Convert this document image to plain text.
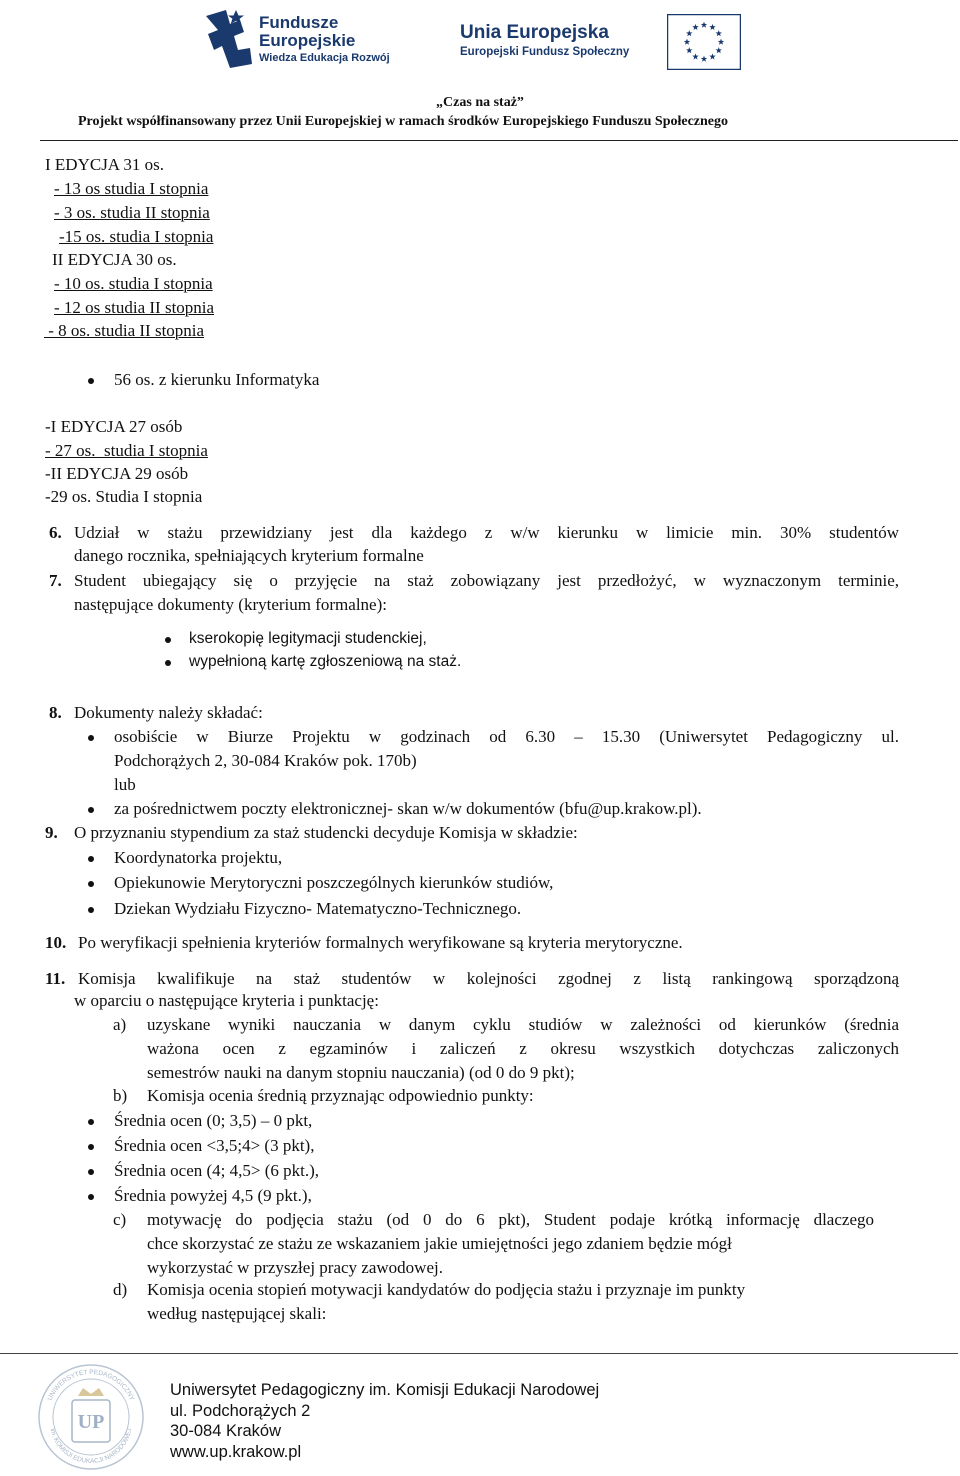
Fundusze
Europejskie
Wiedza Edukacja Rozwój
Unia Europejska
Europejski Fundusz Społeczny
„Czas na staż”
Projekt współfinansowany przez Unii Europejskiej w ramach środków Europejskiego Funduszu Społecznego
I EDYCJA 31 os.
- 13 os studia I stopnia
- 3 os. studia II stopnia
-15 os. studia I stopnia
II EDYCJA 30 os.
- 10 os. studia I stopnia
- 12 os studia II stopnia
- 8 os. studia II stopnia
56 os. z kierunku Informatyka
-I EDYCJA 27 osób
- 27 os.  studia I stopnia
-II EDYCJA 29 osób
-29 os. Studia I stopnia
6. Udział w stażu przewidziany jest dla każdego z w/w kierunku w limicie min. 30% studentów
danego rocznika, spełniających kryterium formalne
7. Student ubiegający się o przyjęcie na staż zobowiązany jest przedłożyć, w wyznaczonym terminie,
następujące dokumenty (kryterium formalne):
kserokopię legitymacji studenckiej,
wypełnioną kartę zgłoszeniową na staż.
8. Dokumenty należy składać:
osobiście w Biurze Projektu w godzinach od 6.30 – 15.30 (Uniwersytet Pedagogiczny ul.
Podchorążych 2, 30-084 Kraków pok. 170b)
lub
za pośrednictwem poczty elektronicznej- skan w/w dokumentów (bfu@up.krakow.pl).
9. O przyznaniu stypendium za staż studencki decyduje Komisja w składzie:
Koordynatorka projektu,
Opiekunowie Merytoryczni poszczególnych kierunków studiów,
Dziekan Wydziału Fizyczno- Matematyczno-Technicznego.
10. Po weryfikacji spełnienia kryteriów formalnych weryfikowane są kryteria merytoryczne.
11. Komisja kwalifikuje na staż studentów w kolejności zgodnej z listą rankingową sporządzoną
w oparciu o następujące kryteria i punktację:
a) uzyskane wyniki nauczania w danym cyklu studiów w zależności od kierunków (średnia
ważona ocen z egzaminów i zaliczeń z okresu wszystkich dotychczas zaliczonych
semestrów nauki na danym stopniu nauczania) (od 0 do 9 pkt);
b) Komisja ocenia średnią przyznając odpowiednio punkty:
Średnia ocen (0; 3,5) – 0 pkt,
Średnia ocen <3,5;4> (3 pkt),
Średnia ocen (4; 4,5> (6 pkt.),
Średnia powyżej 4,5 (9 pkt.),
c) motywację do podjęcia stażu (od 0 do 6 pkt), Student podaje krótką informację dlaczego
chce skorzystać ze stażu ze wskazaniem jakie umiejętności jego zdaniem będzie mógł
wykorzystać w przyszłej pracy zawodowej.
d) Komisja ocenia stopień motywacji kandydatów do podjęcia stażu i przyznaje im punkty
według następującej skali:
UP
UNIWERSYTET PEDAGOGICZNY
im. KOMISJI EDUKACJI NARODOWEJ
Uniwersytet Pedagogiczny im. Komisji Edukacji Narodowej
ul. Podchorążych 2
30-084 Kraków
www.up.krakow.pl
